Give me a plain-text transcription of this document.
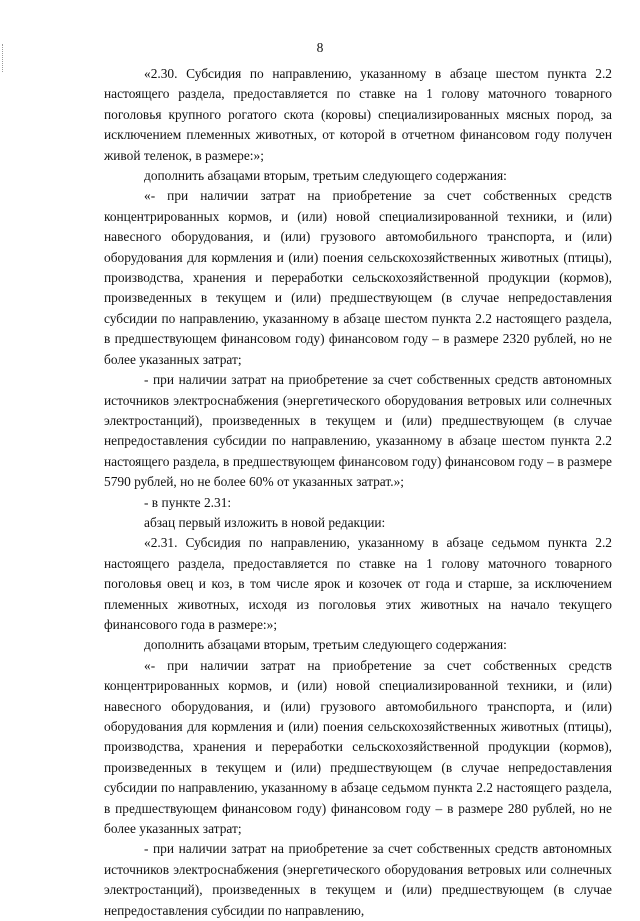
8

«2.30. Субсидия по направлению, указанному в абзаце шестом пункта 2.2 настоящего раздела, предоставляется по ставке на 1 голову маточного товарного поголовья крупного рогатого скота (коровы) специализированных мясных пород, за исключением племенных животных, от которой в отчетном финансовом году получен живой теленок, в размере:»;

дополнить абзацами вторым, третьим следующего содержания:

«- при наличии затрат на приобретение за счет собственных средств концентрированных кормов, и (или) новой специализированной техники, и (или) навесного оборудования, и (или) грузового автомобильного транспорта, и (или) оборудования для кормления и (или) поения сельскохозяйственных животных (птицы), производства, хранения и переработки сельскохозяйственной продукции (кормов), произведенных в текущем и (или) предшествующем (в случае непредоставления субсидии по направлению, указанному в абзаце шестом пункта 2.2 настоящего раздела, в предшествующем финансовом году) финансовом году – в размере 2320 рублей, но не более указанных затрат;

- при наличии затрат на приобретение за счет собственных средств автономных источников электроснабжения (энергетического оборудования ветровых или солнечных электростанций), произведенных в текущем и (или) предшествующем (в случае непредоставления субсидии по направлению, указанному в абзаце шестом пункта 2.2 настоящего раздела, в предшествующем финансовом году) финансовом году – в размере 5790 рублей, но не более 60% от указанных затрат.»;

- в пункте 2.31:

абзац первый изложить в новой редакции:

«2.31. Субсидия по направлению, указанному в абзаце седьмом пункта 2.2 настоящего раздела, предоставляется по ставке на 1 голову маточного товарного поголовья овец и коз, в том числе ярок и козочек от года и старше, за исключением племенных животных, исходя из поголовья этих животных на начало текущего финансового года в размере:»;

дополнить абзацами вторым, третьим следующего содержания:

«- при наличии затрат на приобретение за счет собственных средств концентрированных кормов, и (или) новой специализированной техники, и (или) навесного оборудования, и (или) грузового автомобильного транспорта, и (или) оборудования для кормления и (или) поения сельскохозяйственных животных (птицы), производства, хранения и переработки сельскохозяйственной продукции (кормов), произведенных в текущем и (или) предшествующем (в случае непредоставления субсидии по направлению, указанному в абзаце седьмом пункта 2.2 настоящего раздела, в предшествующем финансовом году) финансовом году – в размере 280 рублей, но не более указанных затрат;

- при наличии затрат на приобретение за счет собственных средств автономных источников электроснабжения (энергетического оборудования ветровых или солнечных электростанций), произведенных в текущем и (или) предшествующем (в случае непредоставления субсидии по направлению,
